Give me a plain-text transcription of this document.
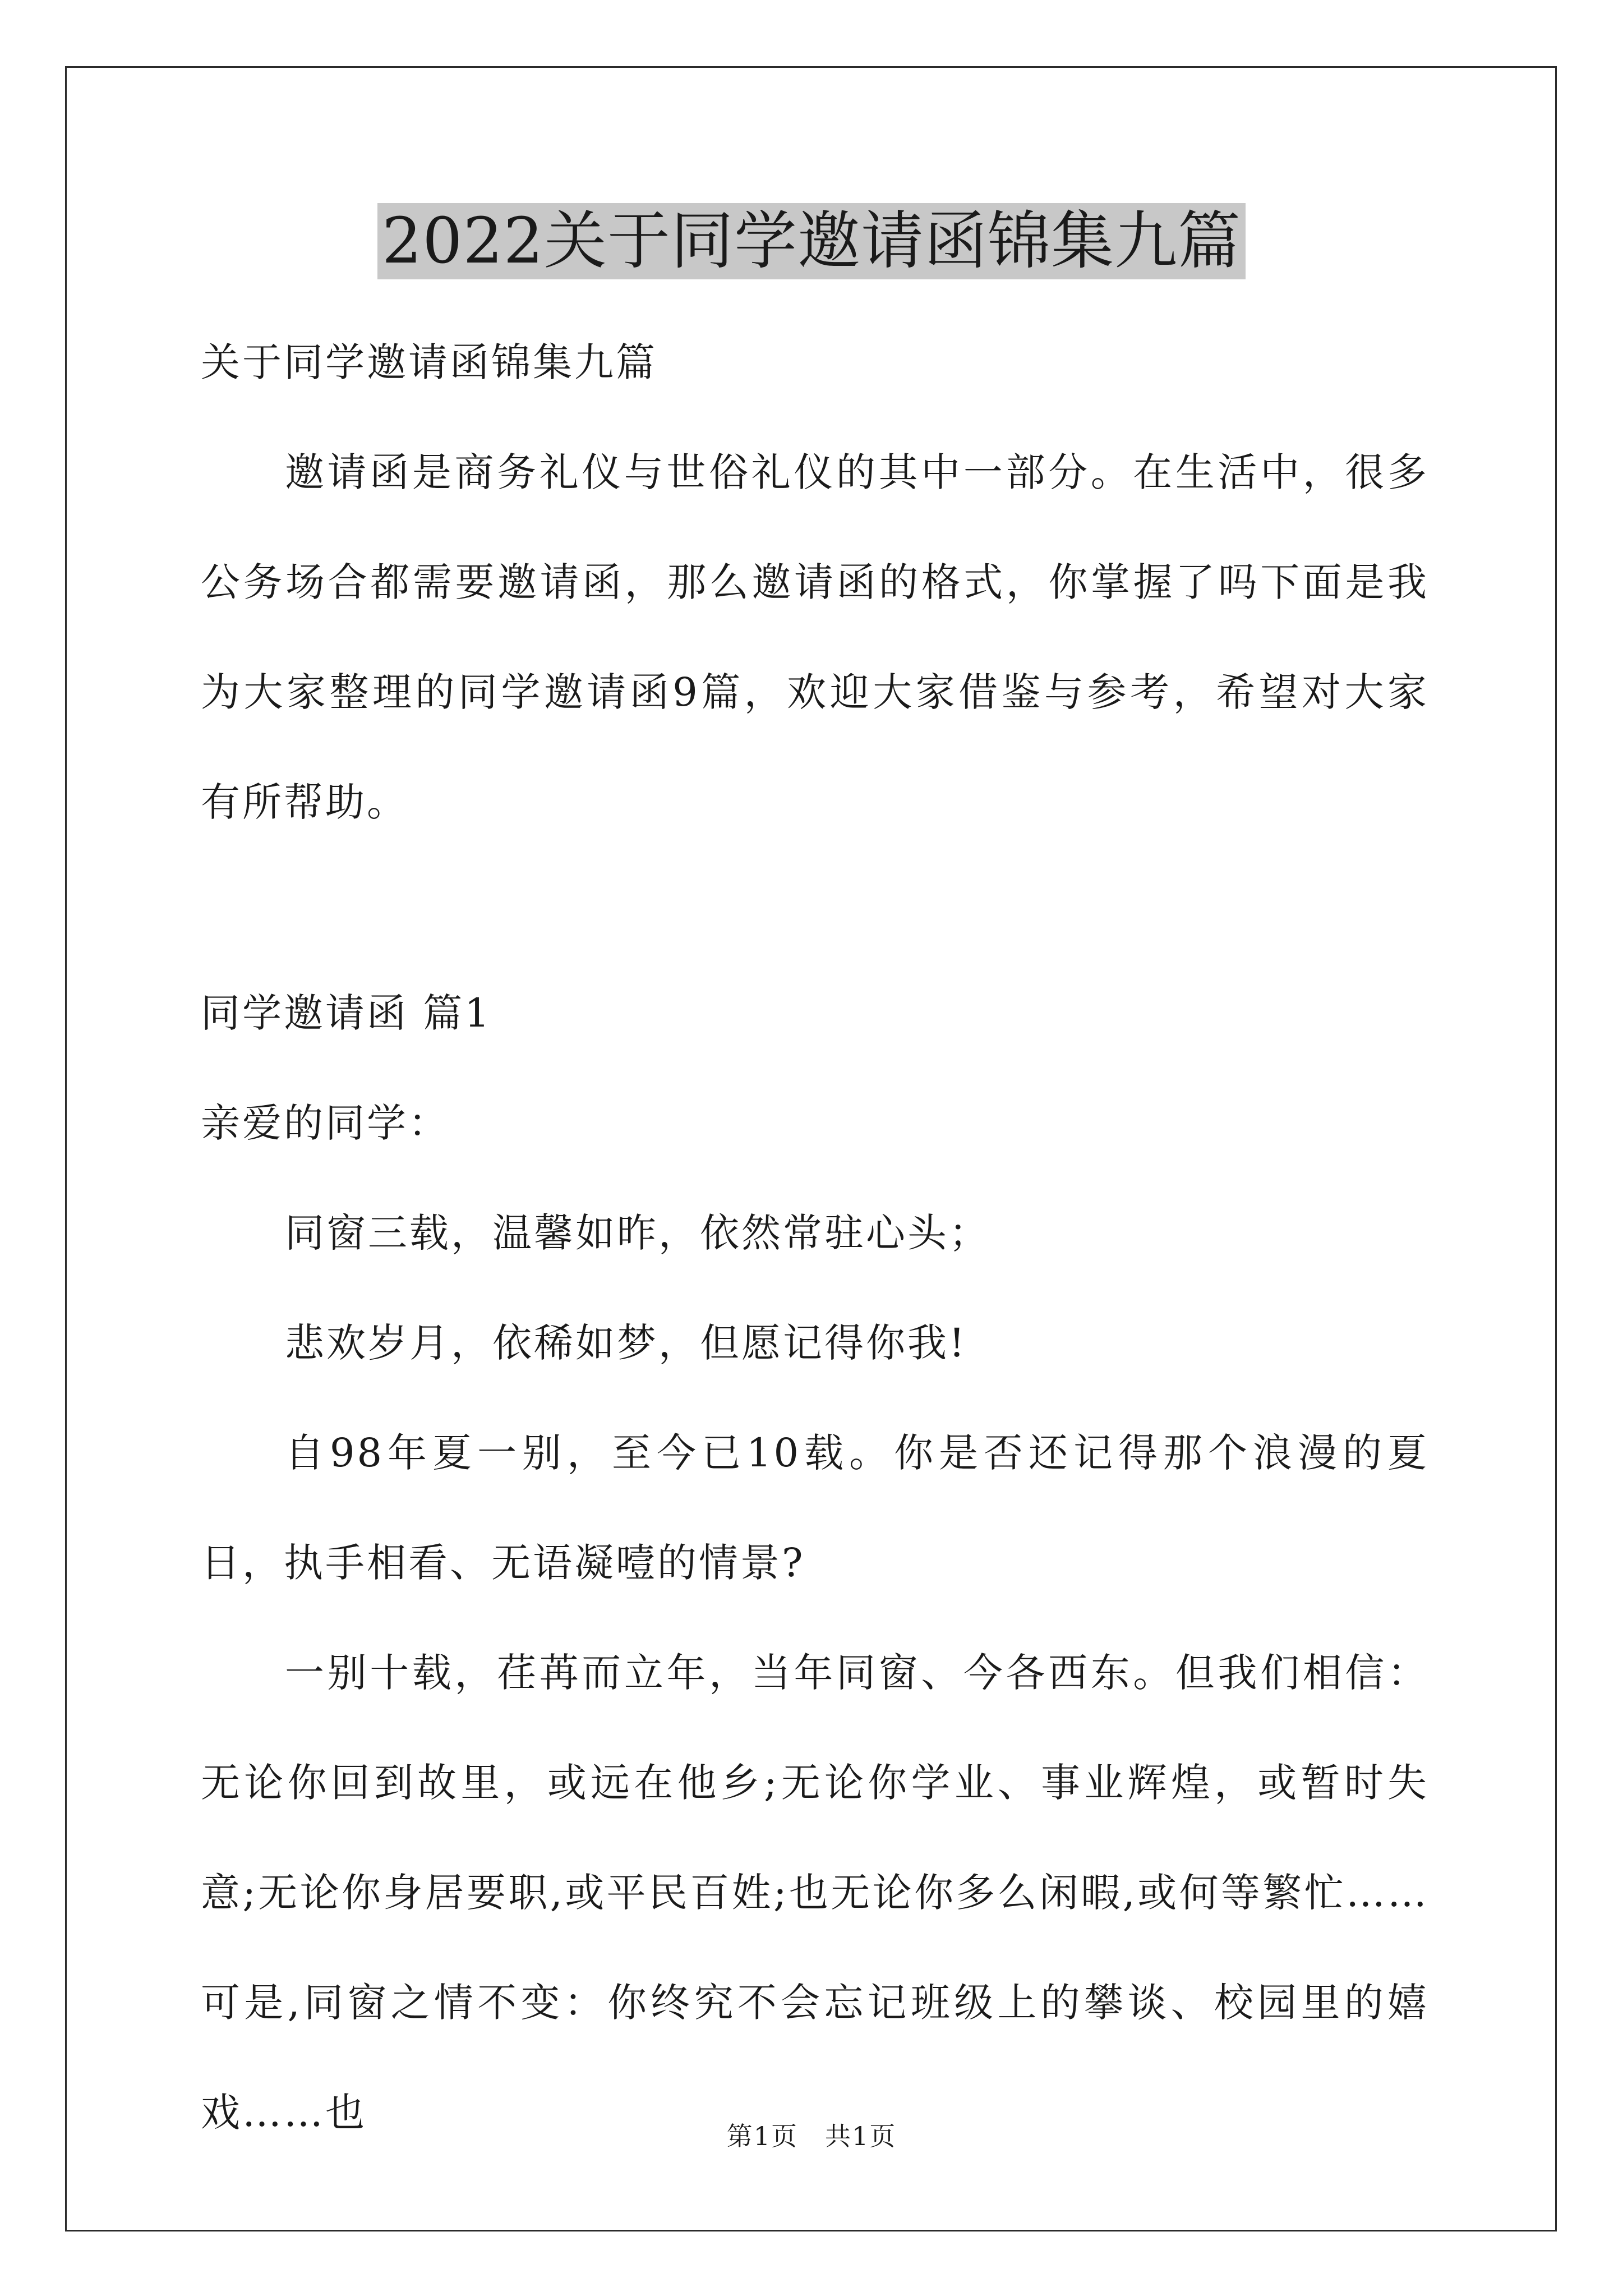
2022关于同学邀请函锦集九篇

关于同学邀请函锦集九篇

邀请函是商务礼仪与世俗礼仪的其中一部分。在生活中，很多公务场合都需要邀请函，那么邀请函的格式，你掌握了吗下面是我为大家整理的同学邀请函9篇，欢迎大家借鉴与参考，希望对大家有所帮助。

同学邀请函 篇1

亲爱的同学：

同窗三载，温馨如昨，依然常驻心头；

悲欢岁月，依稀如梦，但愿记得你我!

自98年夏一别，至今已10载。你是否还记得那个浪漫的夏日，执手相看、无语凝噎的情景?

一别十载，荏苒而立年，当年同窗、今各西东。但我们相信：无论你回到故里，或远在他乡;无论你学业、事业辉煌，或暂时失意;无论你身居要职,或平民百姓;也无论你多么闲暇,或何等繁忙……可是,同窗之情不变：你终究不会忘记班级上的攀谈、校园里的嬉戏……也

第1页　共1页
